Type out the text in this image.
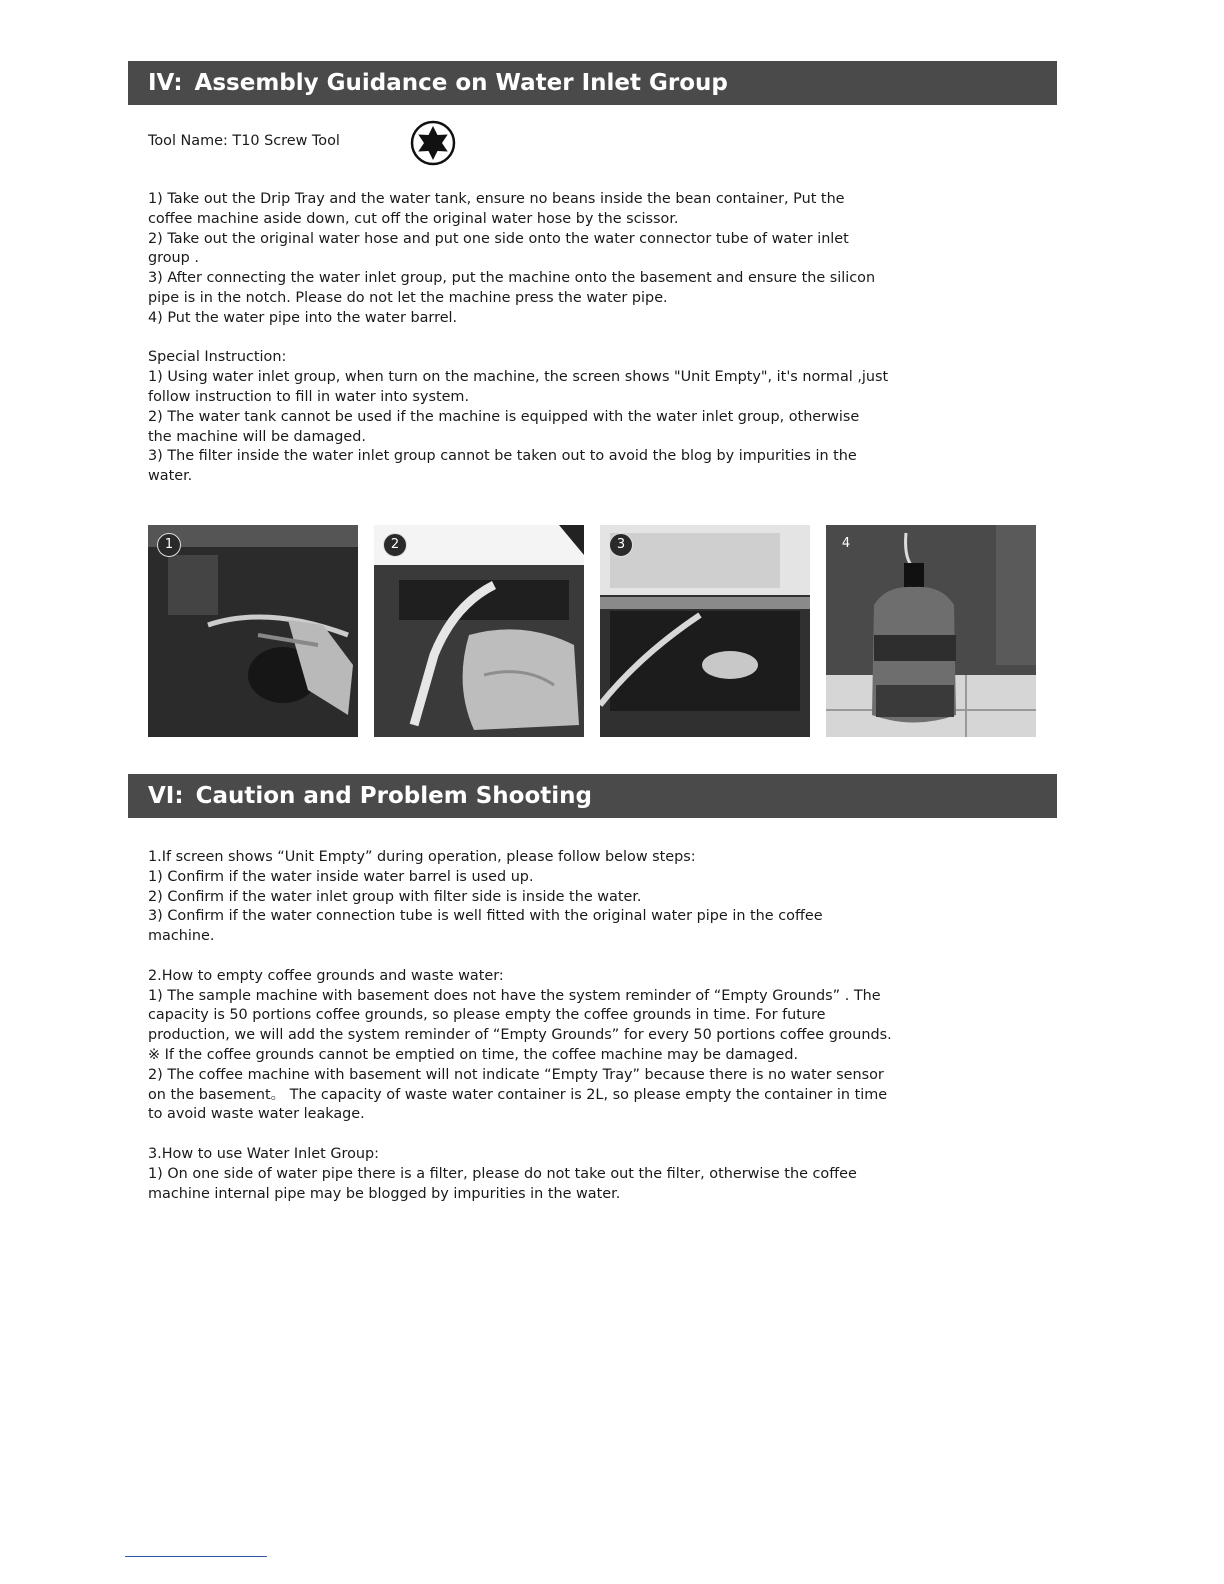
IV: Assembly Guidance on Water Inlet Group
Tool Name: T10 Screw Tool

1) Take out the Drip Tray and the water tank, ensure no beans inside the bean container, Put the

coffee machine aside down, cut off the original water hose by the scissor.

2) Take out the original water hose and put one side onto the water connector tube of water inlet

group .

3) After connecting the water inlet group, put the machine onto the basement and ensure the silicon

pipe is in the notch. Please do not let the machine press the water pipe.

4) Put the water pipe into the water barrel.

Special Instruction:

1) Using water inlet group, when turn on the machine, the screen shows "Unit Empty", it's normal ,just

follow instruction to fill in water into system.

2) The water tank cannot be used if the machine is equipped with the water inlet group, otherwise

the machine will be damaged.

3) The filter inside the water inlet group cannot be taken out to avoid the blog by impurities in the

water.

1	2	3	4
VI: Caution and Problem Shooting

1.If screen shows “Unit Empty” during operation, please follow below steps:

1) Confirm if the water inside water barrel is used up.

2) Confirm if the water inlet group with filter side is inside the water.

3) Confirm if the water connection tube is well fitted with the original water pipe in the coffee

machine.

2.How to empty coffee grounds and waste water:

1) The sample machine with basement does not have the system reminder of “Empty Grounds” . The

capacity is 50 portions coffee grounds, so please empty the coffee grounds in time. For future

production, we will add the system reminder of “Empty Grounds” for every 50 portions coffee grounds.

※ If the coffee grounds cannot be emptied on time, the coffee machine may be damaged.

2) The coffee machine with basement will not indicate “Empty Tray” because there is no water sensor

on the basement。 The capacity of waste water container is 2L, so please empty the container in time

to avoid waste water leakage.

3.How to use Water Inlet Group:

1) On one side of water pipe there is a filter, please do not take out the filter, otherwise the coffee

machine internal pipe may be blogged by impurities in the water.
